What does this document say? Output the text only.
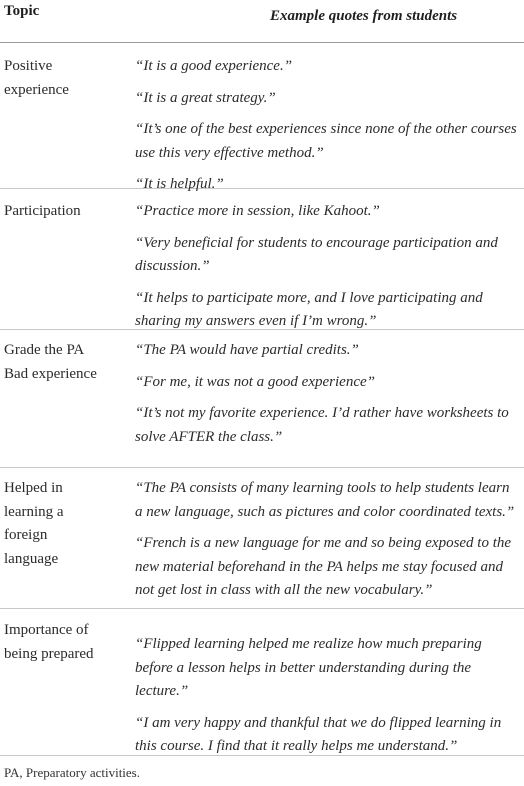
Topic	Example quotes from students
Positive
experience
“It is a good experience.”
“It is a great strategy.”
“It’s one of the best experiences since none of the other courses use this very effective method.”
“It is helpful.”
Participation	“Practice more in session, like Kahoot.”
“Very beneficial for students to encourage participation and discussion.”
“It helps to participate more, and I love participating and sharing my answers even if I’m wrong.”
Grade the PA
Bad experience
“The PA would have partial credits.”
“For me, it was not a good experience”
“It’s not my favorite experience. I’d rather have worksheets to solve AFTER the class.”
Helped in
learning a
foreign
language
“The PA consists of many learning tools to help students learn a new language, such as pictures and color coordinated texts.”
“French is a new language for me and so being exposed to the new material beforehand in the PA helps me stay focused and not get lost in class with all the new vocabulary.”
Importance of
being prepared
“Flipped learning helped me realize how much preparing before a lesson helps in better understanding during the lecture.”
“I am very happy and thankful that we do flipped learning in this course. I find that it really helps me understand.”
PA, Preparatory activities.
